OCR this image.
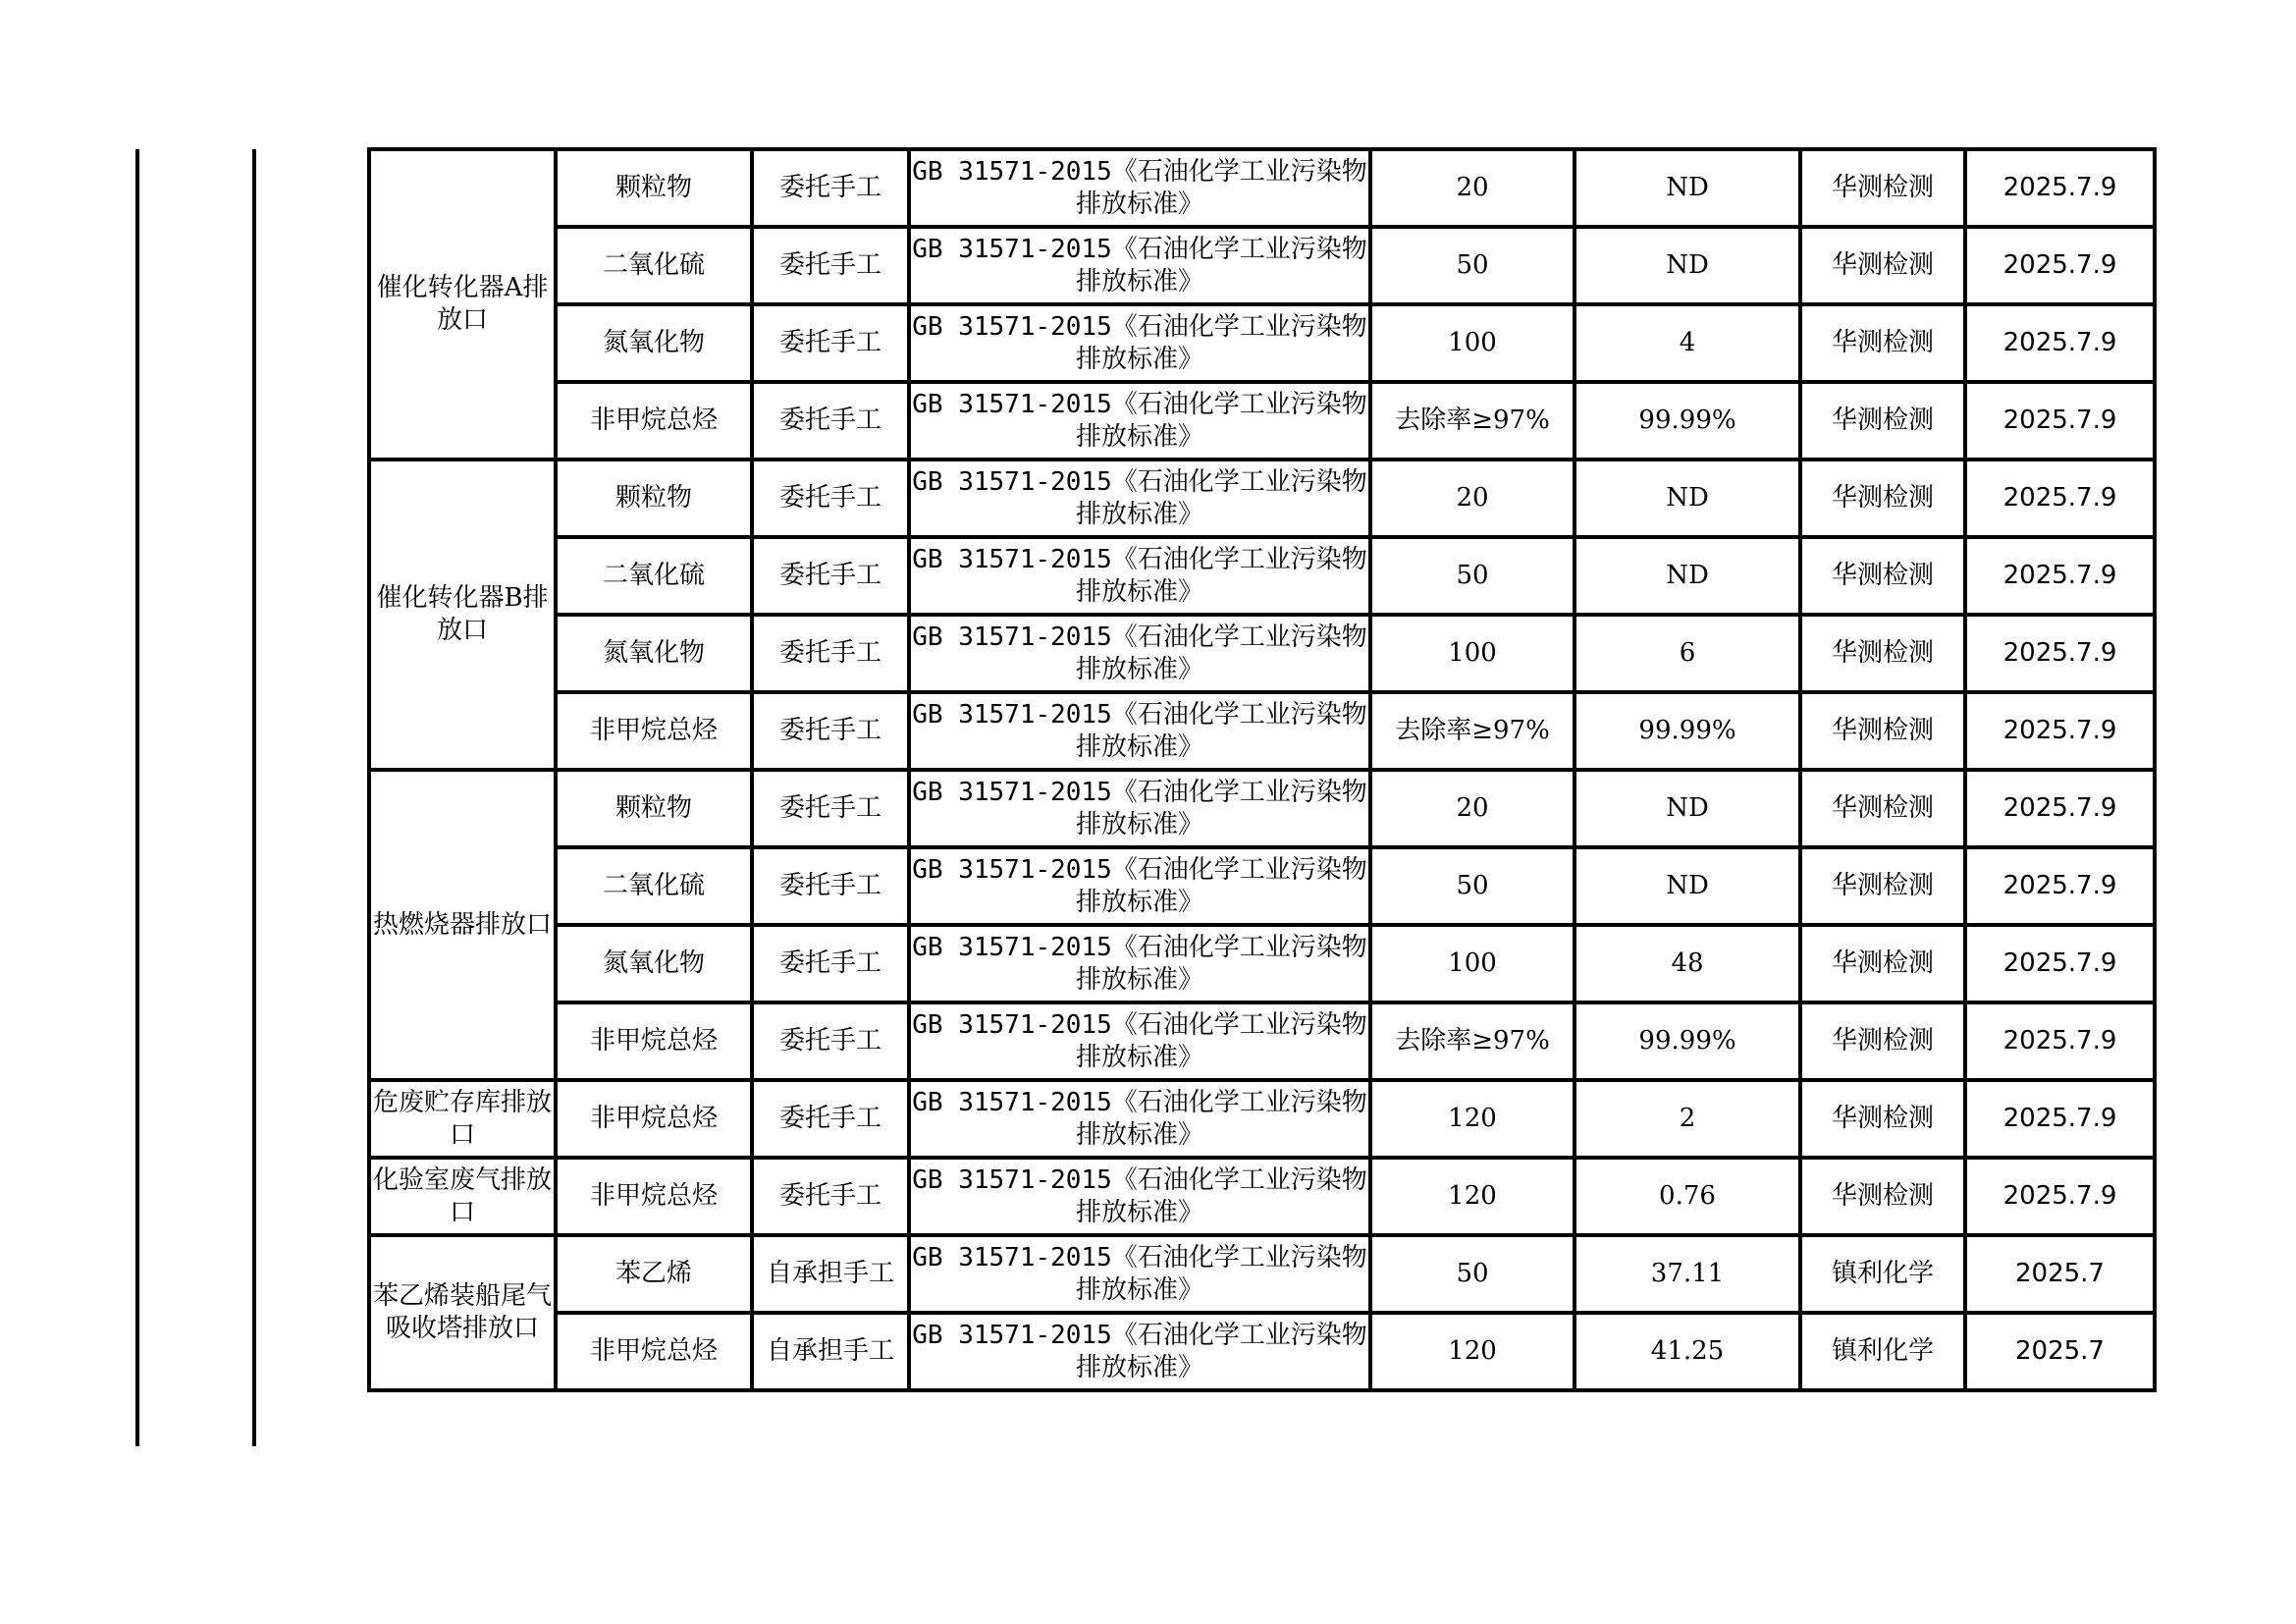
催化转化器A排放口	颗粒物	委托手工	GB 31571-2015《石油化学工业污染物排放标准》	20	ND	华测检测	2025.7.9
	二氧化硫	委托手工	GB 31571-2015《石油化学工业污染物排放标准》	50	ND	华测检测	2025.7.9
	氮氧化物	委托手工	GB 31571-2015《石油化学工业污染物排放标准》	100	4	华测检测	2025.7.9
	非甲烷总烃	委托手工	GB 31571-2015《石油化学工业污染物排放标准》	去除率≥97%	99.99%	华测检测	2025.7.9
催化转化器B排放口	颗粒物	委托手工	GB 31571-2015《石油化学工业污染物排放标准》	20	ND	华测检测	2025.7.9
	二氧化硫	委托手工	GB 31571-2015《石油化学工业污染物排放标准》	50	ND	华测检测	2025.7.9
	氮氧化物	委托手工	GB 31571-2015《石油化学工业污染物排放标准》	100	6	华测检测	2025.7.9
	非甲烷总烃	委托手工	GB 31571-2015《石油化学工业污染物排放标准》	去除率≥97%	99.99%	华测检测	2025.7.9
热燃烧器排放口	颗粒物	委托手工	GB 31571-2015《石油化学工业污染物排放标准》	20	ND	华测检测	2025.7.9
	二氧化硫	委托手工	GB 31571-2015《石油化学工业污染物排放标准》	50	ND	华测检测	2025.7.9
	氮氧化物	委托手工	GB 31571-2015《石油化学工业污染物排放标准》	100	48	华测检测	2025.7.9
	非甲烷总烃	委托手工	GB 31571-2015《石油化学工业污染物排放标准》	去除率≥97%	99.99%	华测检测	2025.7.9
危废贮存库排放口	非甲烷总烃	委托手工	GB 31571-2015《石油化学工业污染物排放标准》	120	2	华测检测	2025.7.9
化验室废气排放口	非甲烷总烃	委托手工	GB 31571-2015《石油化学工业污染物排放标准》	120	0.76	华测检测	2025.7.9
苯乙烯装船尾气吸收塔排放口	苯乙烯	自承担手工	GB 31571-2015《石油化学工业污染物排放标准》	50	37.11	镇利化学	2025.7
	非甲烷总烃	自承担手工	GB 31571-2015《石油化学工业污染物排放标准》	120	41.25	镇利化学	2025.7
